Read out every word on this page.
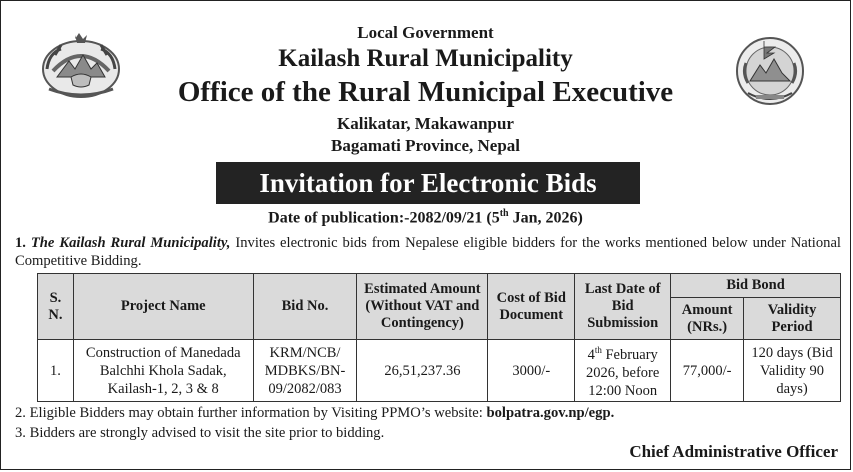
Local Government
Kailash Rural Municipality
Office of the Rural Municipal Executive
Kalikatar, Makawanpur
Bagamati Province, Nepal
Invitation for Electronic Bids
Date of publication:-2082/09/21 (5th Jan, 2026)
1. The Kailash Rural Municipality, Invites electronic bids from Nepalese eligible bidders for the works mentioned below under National Competitive Bidding.
S. N.	Project Name	Bid No.	Estimated Amount (Without VAT and Contingency)	Cost of Bid Document	Last Date of Bid Submission	Bid Bond	
						Amount (NRs.)	Validity Period
1.	Construction of Manedada Balchhi Khola Sadak, Kailash-1, 2, 3 & 8	KRM/NCB/ MDBKS/BN- 09/2082/083	26,51,237.36	3000/-	4th February 2026, before 12:00 Noon	77,000/-	120 days (Bid Validity 90 days)
2. Eligible Bidders may obtain further information by Visiting PPMO’s website: bolpatra.gov.np/egp.
3. Bidders are strongly advised to visit the site prior to bidding.
Chief Administrative Officer
